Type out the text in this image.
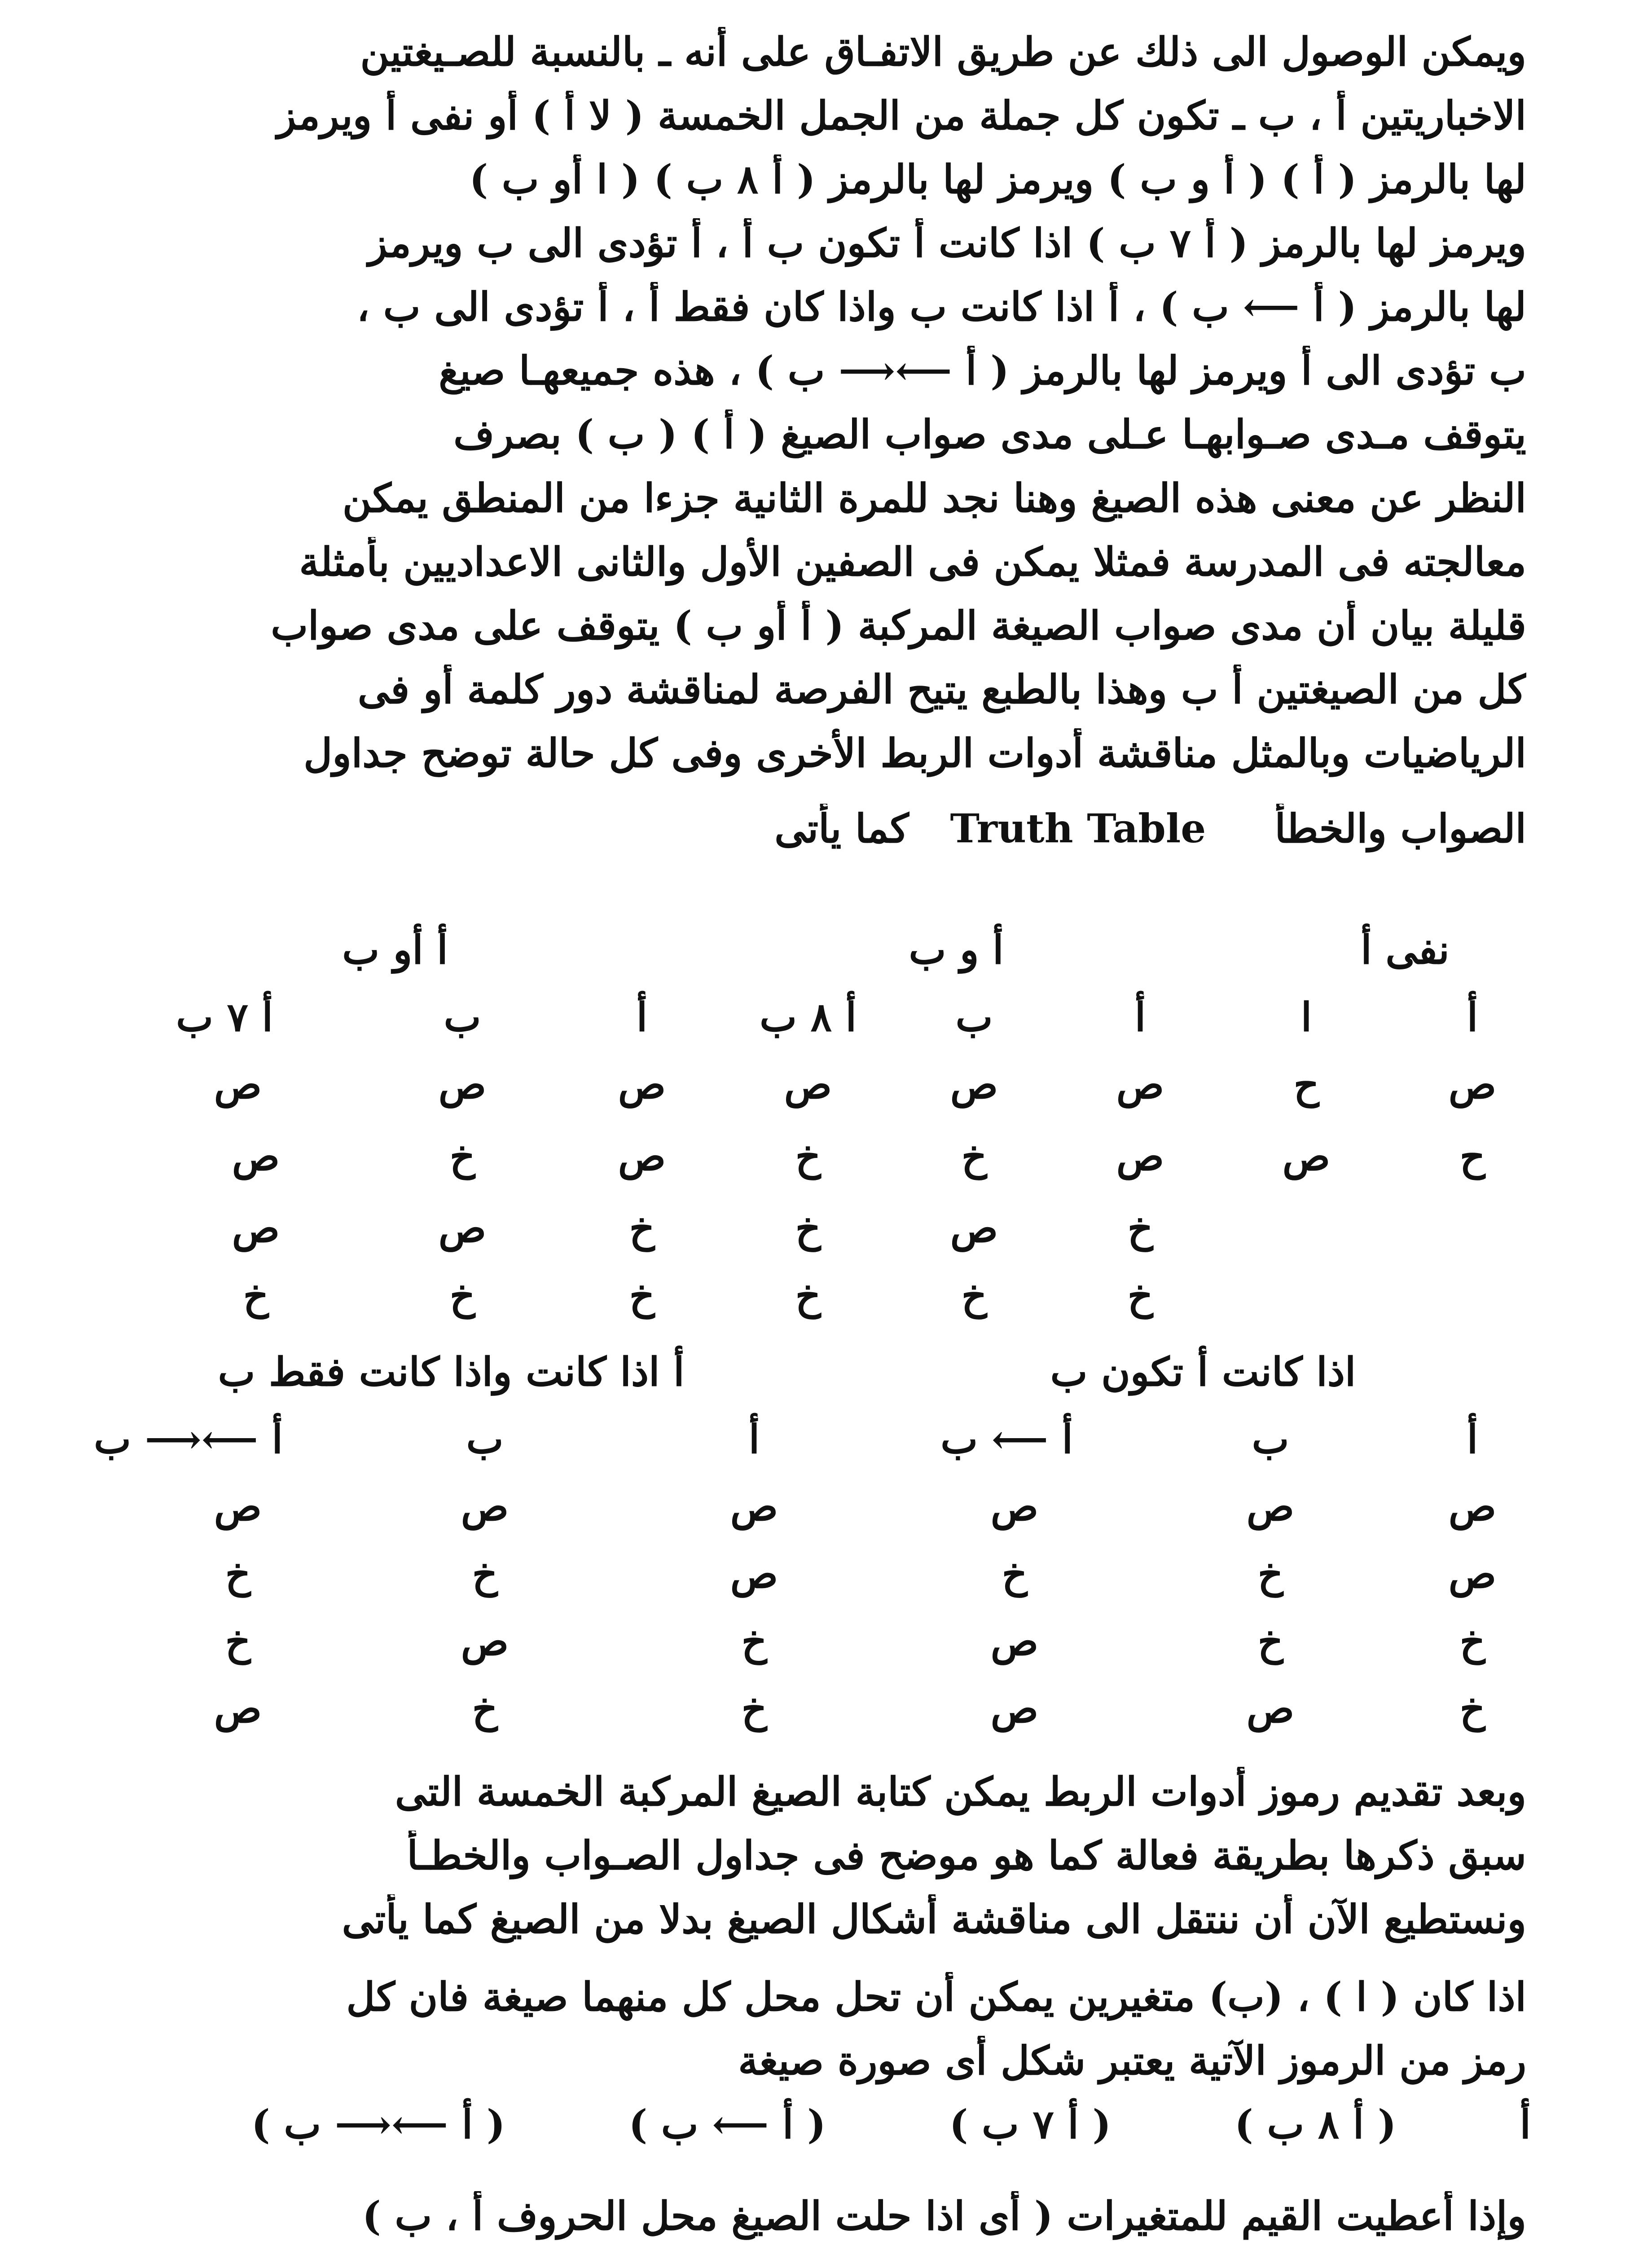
ويمكن الوصول الى ذلك عن طريق الاتفـاق على أنه ـ بالنسبة للصـيغتين
الاخباريتين أ ، ب ـ تكون كل جملة من الجمل الخمسة ( لا أ ) أو نفى أ ويرمز
لها بالرمز ( أ ) ( أ و ب ) ويرمز لها بالرمز ( أ ٨ ب ) ( ا أو ب )
ويرمز لها بالرمز ( أ ٧ ب ) اذا كانت أ تكون ب أ ، أ تؤدى الى ب ويرمز
لها بالرمز ( أ ⟵ ب ) ، أ اذا كانت ب واذا كان فقط أ ، أ تؤدى الى ب ،
ب تؤدى الى أ ويرمز لها بالرمز ( أ ⟵⟶ ب ) ، هذه جميعهـا صيغ
يتوقف مـدى صـوابهـا عـلى مدى صواب الصيغ ( أ ) ( ب ) بصرف
النظر عن معنى هذه الصيغ وهنا نجد للمرة الثانية جزءا من المنطق يمكن
معالجته فى المدرسة فمثلا يمكن فى الصفين الأول والثانى الاعداديين بأمثلة
قليلة بيان أن مدى صواب الصيغة المركبة ( أ أو ب ) يتوقف على مدى صواب
كل من الصيغتين أ ب وهذا بالطبع يتيح الفرصة لمناقشة دور كلمة أو فى
الرياضيات وبالمثل مناقشة أدوات الربط الأخرى وفى كل حالة توضح جداول
الصواب والخطأ     Truth Table   كما يأتى
نفى أ
أ و ب
أ أو ب
أ
ا
أ
ب
أ ٨ ب
أ
ب
أ ٧ ب
ص
ح
ص
ص
ص
ص
ص
ص
ح
ص
ص
خ
خ
ص
خ
ص
خ
ص
خ
خ
ص
ص
خ
خ
خ
خ
خ
خ
اذا كانت أ تكون ب
أ اذا كانت واذا كانت فقط ب
أ
ب
أ ⟵ ب
أ
ب
أ ⟵⟶ ب
ص
ص
ص
ص
ص
ص
ص
خ
خ
ص
خ
خ
خ
خ
ص
خ
ص
خ
خ
ص
ص
خ
خ
ص
وبعد تقديم رموز أدوات الربط يمكن كتابة الصيغ المركبة الخمسة التى
سبق ذكرها بطريقة فعالة كما هو موضح فى جداول الصـواب والخطـأ
ونستطيع الآن أن ننتقل الى مناقشة أشكال الصيغ بدلا من الصيغ كما يأتى
اذا كان ( ا ) ، (ب) متغيرين يمكن أن تحل محل كل منهما صيغة فان كل
رمز من الرموز الآتية يعتبر شكل أى صورة صيغة
أ
( أ ٨ ب )
( أ ٧ ب )
( أ ⟵ ب )
( أ ⟵⟶ ب )
وإذا أعطيت القيم للمتغيرات ( أى اذا حلت الصيغ محل الحروف أ ، ب )
